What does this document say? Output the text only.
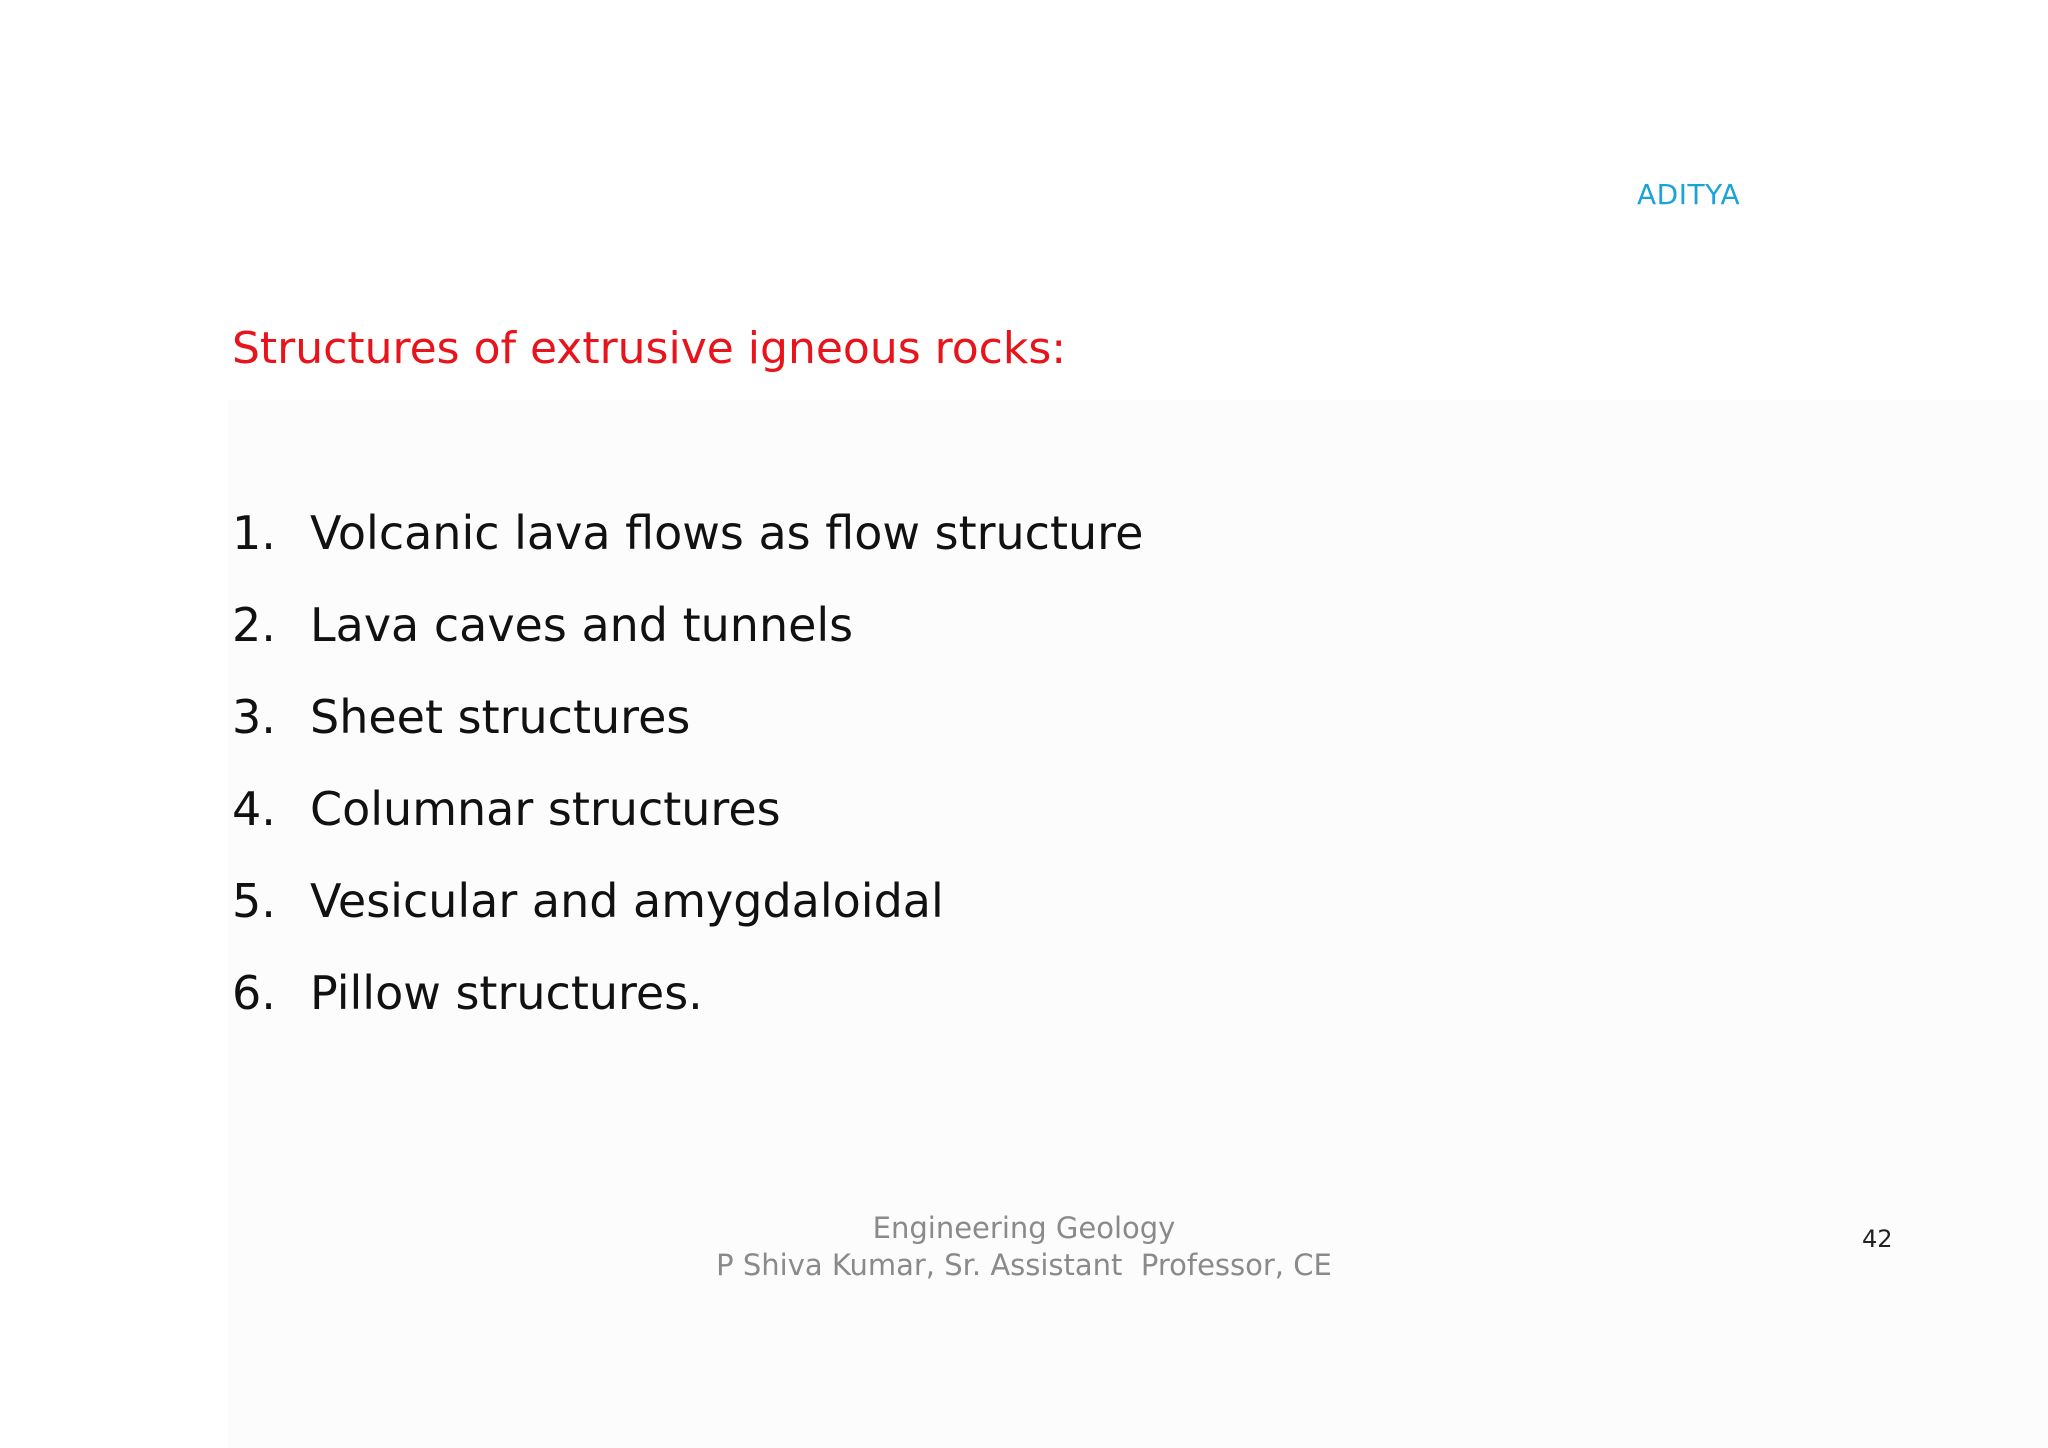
ADITYA
Structures of extrusive igneous rocks:
1. Volcanic lava flows as flow structure
2. Lava caves and tunnels
3. Sheet structures
4. Columnar structures
5. Vesicular and amygdaloidal
6. Pillow structures.
Engineering Geology
P Shiva Kumar, Sr. Assistant  Professor, CE
42
